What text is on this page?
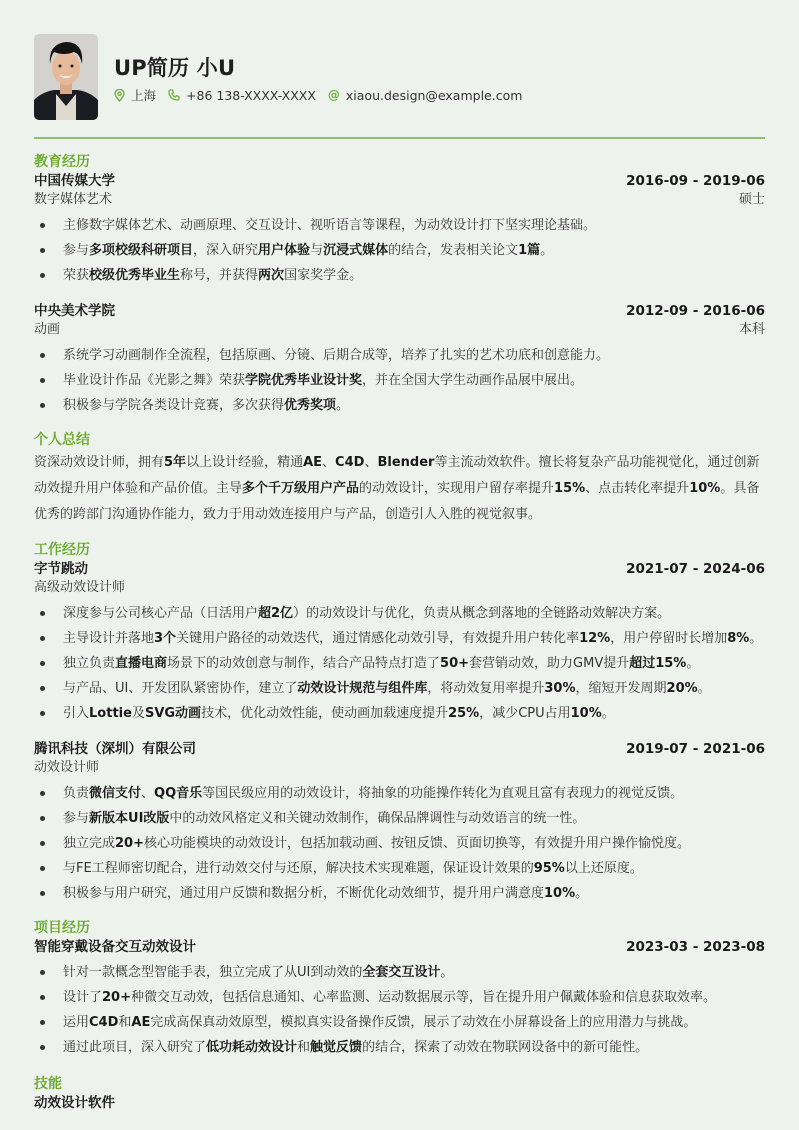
UP简历 小U
上海 +86 138-XXXX-XXXX @ xiaou.design@example.com
教育经历
中国传媒大学	2016-09 - 2019-06
数字媒体艺术	硕士
主修数字媒体艺术、动画原理、交互设计、视听语言等课程，为动效设计打下坚实理论基础。
参与多项校级科研项目，深入研究用户体验与沉浸式媒体的结合，发表相关论文1篇。
荣获校级优秀毕业生称号，并获得两次国家奖学金。
中央美术学院	2012-09 - 2016-06
动画	本科
系统学习动画制作全流程，包括原画、分镜、后期合成等，培养了扎实的艺术功底和创意能力。
毕业设计作品《光影之舞》荣获学院优秀毕业设计奖，并在全国大学生动画作品展中展出。
积极参与学院各类设计竞赛，多次获得优秀奖项。
个人总结

资深动效设计师，拥有5年以上设计经验，精通AE、C4D、Blender等主流动效软件。擅长将复杂产品功能视觉化，通过创新动效提升用户体验和产品价值。主导多个千万级用户产品的动效设计，实现用户留存率提升15%、点击转化率提升10%。具备优秀的跨部门沟通协作能力，致力于用动效连接用户与产品，创造引人入胜的视觉叙事。

工作经历
字节跳动	2021-07 - 2024-06
高级动效设计师
深度参与公司核心产品（日活用户超2亿）的动效设计与优化，负责从概念到落地的全链路动效解决方案。
主导设计并落地3个关键用户路径的动效迭代，通过情感化动效引导，有效提升用户转化率12%，用户停留时长增加8%。
独立负责直播电商场景下的动效创意与制作，结合产品特点打造了50+套营销动效，助力GMV提升超过15%。
与产品、UI、开发团队紧密协作，建立了动效设计规范与组件库，将动效复用率提升30%，缩短开发周期20%。
引入Lottie及SVG动画技术，优化动效性能，使动画加载速度提升25%，减少CPU占用10%。
腾讯科技（深圳）有限公司	2019-07 - 2021-06
动效设计师
负责微信支付、QQ音乐等国民级应用的动效设计，将抽象的功能操作转化为直观且富有表现力的视觉反馈。
参与新版本UI改版中的动效风格定义和关键动效制作，确保品牌调性与动效语言的统一性。
独立完成20+核心功能模块的动效设计，包括加载动画、按钮反馈、页面切换等，有效提升用户操作愉悦度。
与FE工程师密切配合，进行动效交付与还原，解决技术实现难题，保证设计效果的95%以上还原度。
积极参与用户研究，通过用户反馈和数据分析，不断优化动效细节，提升用户满意度10%。
项目经历
智能穿戴设备交互动效设计	2023-03 - 2023-08
针对一款概念型智能手表，独立完成了从UI到动效的全套交互设计。
设计了20+种微交互动效，包括信息通知、心率监测、运动数据展示等，旨在提升用户佩戴体验和信息获取效率。
运用C4D和AE完成高保真动效原型，模拟真实设备操作反馈，展示了动效在小屏幕设备上的应用潜力与挑战。
通过此项目，深入研究了低功耗动效设计和触觉反馈的结合，探索了动效在物联网设备中的新可能性。
技能
动效设计软件
